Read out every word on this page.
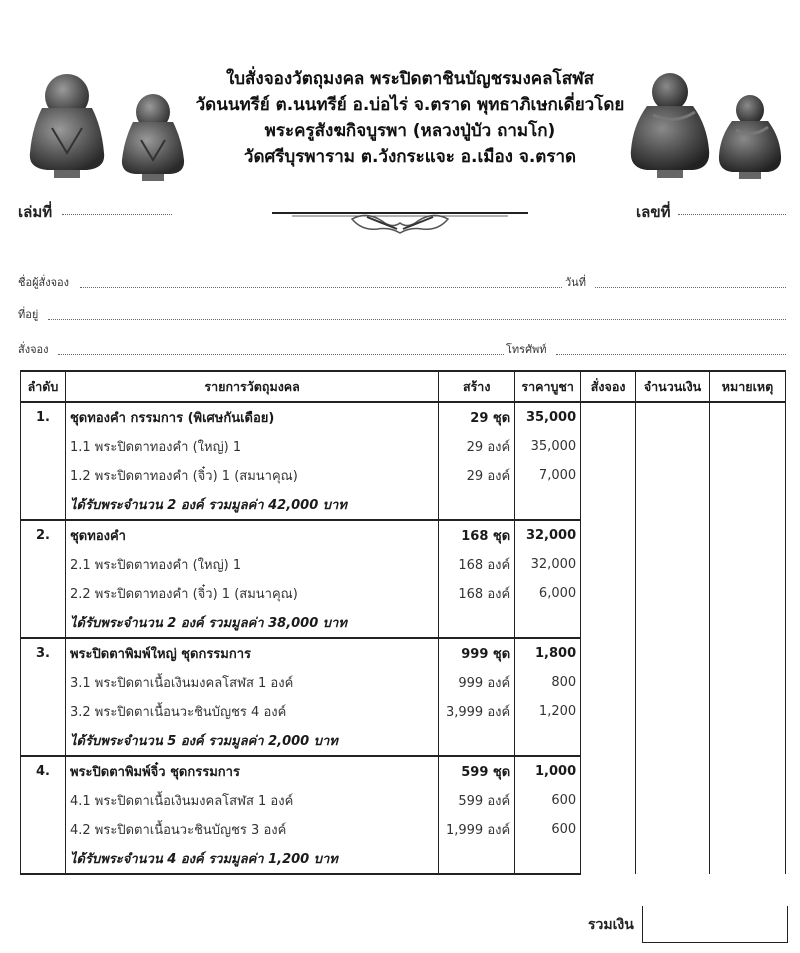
ใบสั่งจองวัตถุมงคล พระปิดตาชินบัญชรมงคลโสฬส
วัดนนทรีย์ ต.นนทรีย์ อ.บ่อไร่ จ.ตราด พุทธาภิเษกเดี่ยวโดย
พระครูสังฆกิจบูรพา (หลวงปู่บัว ถามโก)
วัดศรีบุรพาราม ต.วังกระแจะ อ.เมือง จ.ตราด
เล่มที่	เลขที่
ชื่อผู้สั่งจอง	วันที่
ที่อยู่
สั่งจอง	โทรศัพท์
ลำดับ	รายการวัตถุมงคล	สร้าง	ราคาบูชา	สั่งจอง	จำนวนเงิน	หมายเหตุ
1.	ชุดทองคำ กรรมการ (พิเศษกันเดือย)	29 ชุด	35,000			
	1.1 พระปิดตาทองคำ (ใหญ่) 1	29 องค์	35,000			
	1.2 พระปิดตาทองคำ (จิ๋ว) 1 (สมนาคุณ)	29 องค์	7,000			
	ได้รับพระจำนวน 2 องค์ รวมมูลค่า 42,000 บาท					
2.	ชุดทองคำ	168 ชุด	32,000			
	2.1 พระปิดตาทองคำ (ใหญ่) 1	168 องค์	32,000			
	2.2 พระปิดตาทองคำ (จิ๋ว) 1 (สมนาคุณ)	168 องค์	6,000			
	ได้รับพระจำนวน 2 องค์ รวมมูลค่า 38,000 บาท					
3.	พระปิดตาพิมพ์ใหญ่ ชุดกรรมการ	999 ชุด	1,800			
	3.1 พระปิดตาเนื้อเงินมงคลโสฬส 1 องค์	999 องค์	800			
	3.2 พระปิดตาเนื้อนวะชินบัญชร 4 องค์	3,999 องค์	1,200			
	ได้รับพระจำนวน 5 องค์ รวมมูลค่า 2,000 บาท					
4.	พระปิดตาพิมพ์จิ๋ว ชุดกรรมการ	599 ชุด	1,000			
	4.1 พระปิดตาเนื้อเงินมงคลโสฬส 1 องค์	599 องค์	600			
	4.2 พระปิดตาเนื้อนวะชินบัญชร 3 องค์	1,999 องค์	600			
	ได้รับพระจำนวน 4 องค์ รวมมูลค่า 1,200 บาท					
รวมเงิน
